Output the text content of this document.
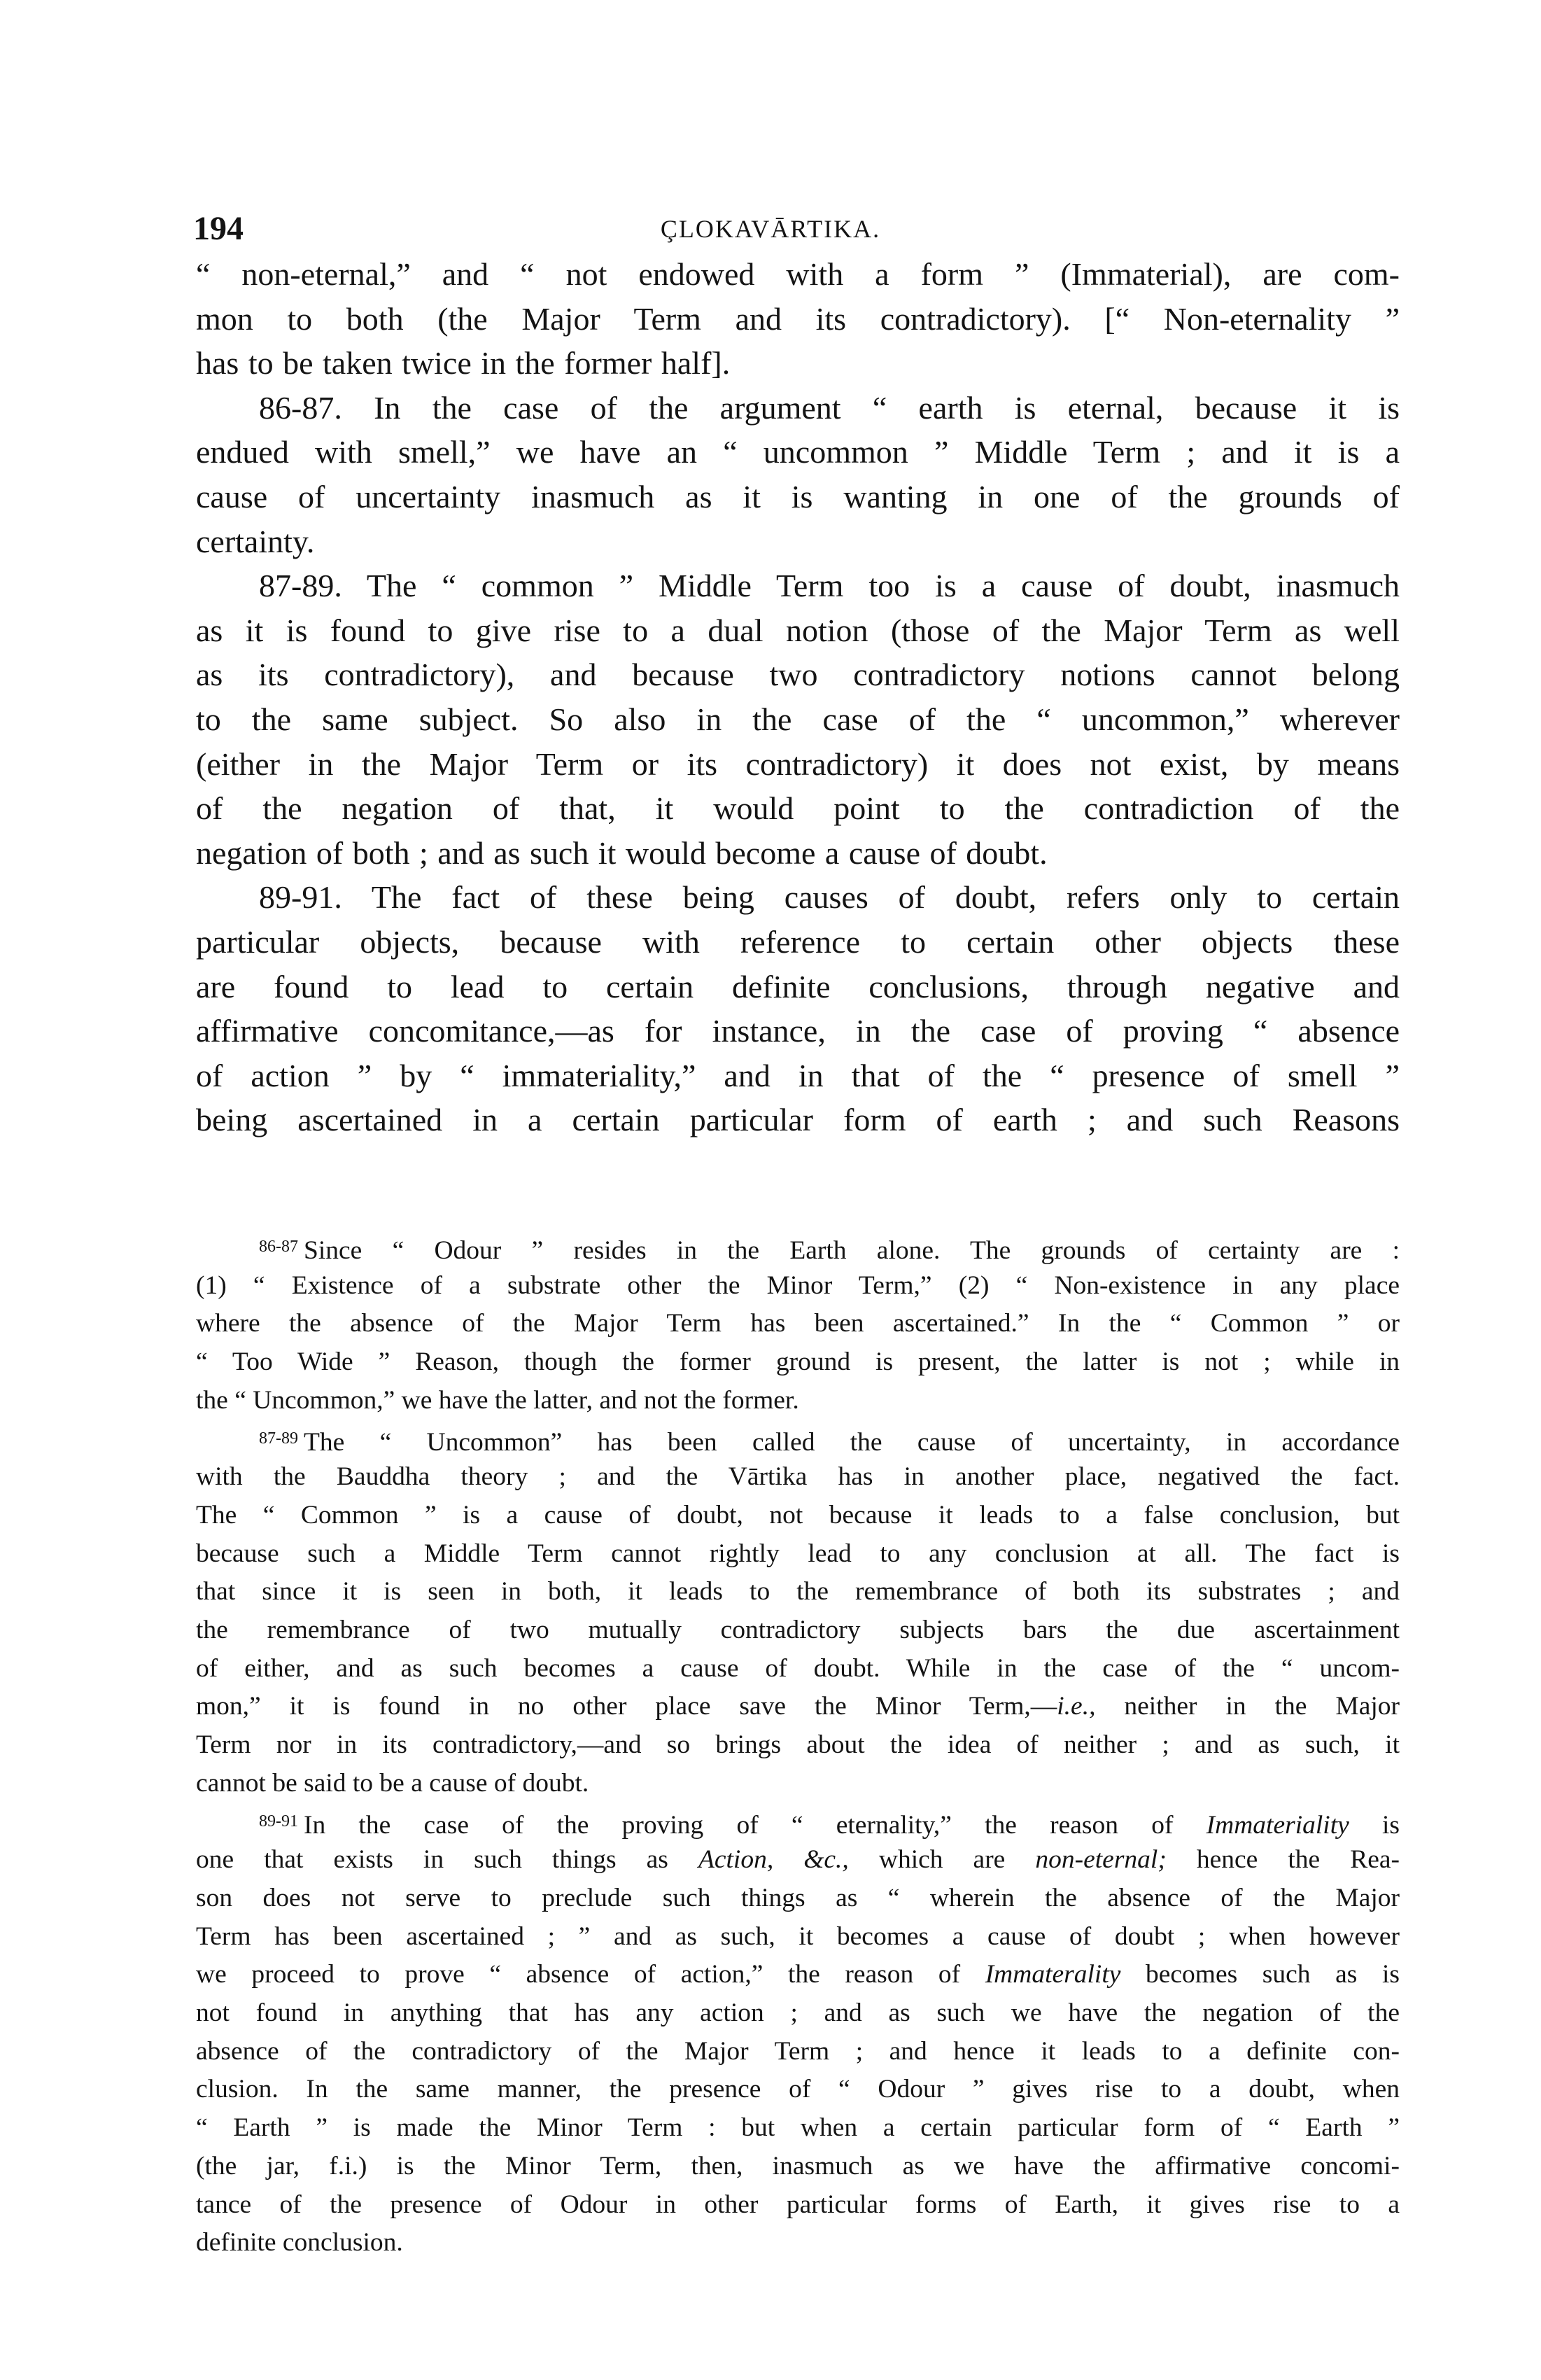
194	ÇLOKAVĀRTIKA.
“ non-eternal,” and “ not endowed with a form ” (Immaterial), are com-
mon to both (the Major Term and its contradictory). [“ Non-eternality ”
has to be taken twice in the former half].
86-87. In the case of the argument “ earth is eternal, because it is
endued with smell,” we have an “ uncommon ” Middle Term ; and it is a
cause of uncertainty inasmuch as it is wanting in one of the grounds of
certainty.
87-89. The “ common ” Middle Term too is a cause of doubt, inasmuch
as it is found to give rise to a dual notion (those of the Major Term as well
as its contradictory), and because two contradictory notions cannot belong
to the same subject. So also in the case of the “ uncommon,” wherever
(either in the Major Term or its contradictory) it does not exist, by means
of the negation of that, it would point to the contradiction of the
negation of both ; and as such it would become a cause of doubt.
89-91. The fact of these being causes of doubt, refers only to certain
particular objects, because with reference to certain other objects these
are found to lead to certain definite conclusions, through negative and
affirmative concomitance,—as for instance, in the case of proving “ absence
of action ” by “ immateriality,” and in that of the “ presence of smell ”
being ascertained in a certain particular form of earth ; and such Reasons
$^{86-87}$ Since “ Odour ” resides in the Earth alone. The grounds of certainty are :
(1) “ Existence of a substrate other the Minor Term,” (2) “ Non-existence in any place
where the absence of the Major Term has been ascertained.” In the “ Common ” or
“ Too Wide ” Reason, though the former ground is present, the latter is not ; while in
the “ Uncommon,” we have the latter, and not the former.
$^{87-89}$ The “ Uncommon” has been called the cause of uncertainty, in accordance
with the Bauddha theory ; and the Vārtika has in another place, negatived the fact.
The “ Common ” is a cause of doubt, not because it leads to a false conclusion, but
because such a Middle Term cannot rightly lead to any conclusion at all. The fact is
that since it is seen in both, it leads to the remembrance of both its substrates ; and
the remembrance of two mutually contradictory subjects bars the due ascertainment
of either, and as such becomes a cause of doubt. While in the case of the “ uncom-
mon,” it is found in no other place save the Minor Term,—i.e., neither in the Major
Term nor in its contradictory,—and so brings about the idea of neither ; and as such, it
cannot be said to be a cause of doubt.
$^{89-91}$ In the case of the proving of “ eternality,” the reason of Immateriality is
one that exists in such things as Action, &c., which are non-eternal; hence the Rea-
son does not serve to preclude such things as “ wherein the absence of the Major
Term has been ascertained ; ” and as such, it becomes a cause of doubt ; when however
we proceed to prove “ absence of action,” the reason of Immaterality becomes such as is
not found in anything that has any action ; and as such we have the negation of the
absence of the contradictory of the Major Term ; and hence it leads to a definite con-
clusion. In the same manner, the presence of “ Odour ” gives rise to a doubt, when
“ Earth ” is made the Minor Term : but when a certain particular form of “ Earth ”
(the jar, f.i.) is the Minor Term, then, inasmuch as we have the affirmative concomi-
tance of the presence of Odour in other particular forms of Earth, it gives rise to a
definite conclusion.
